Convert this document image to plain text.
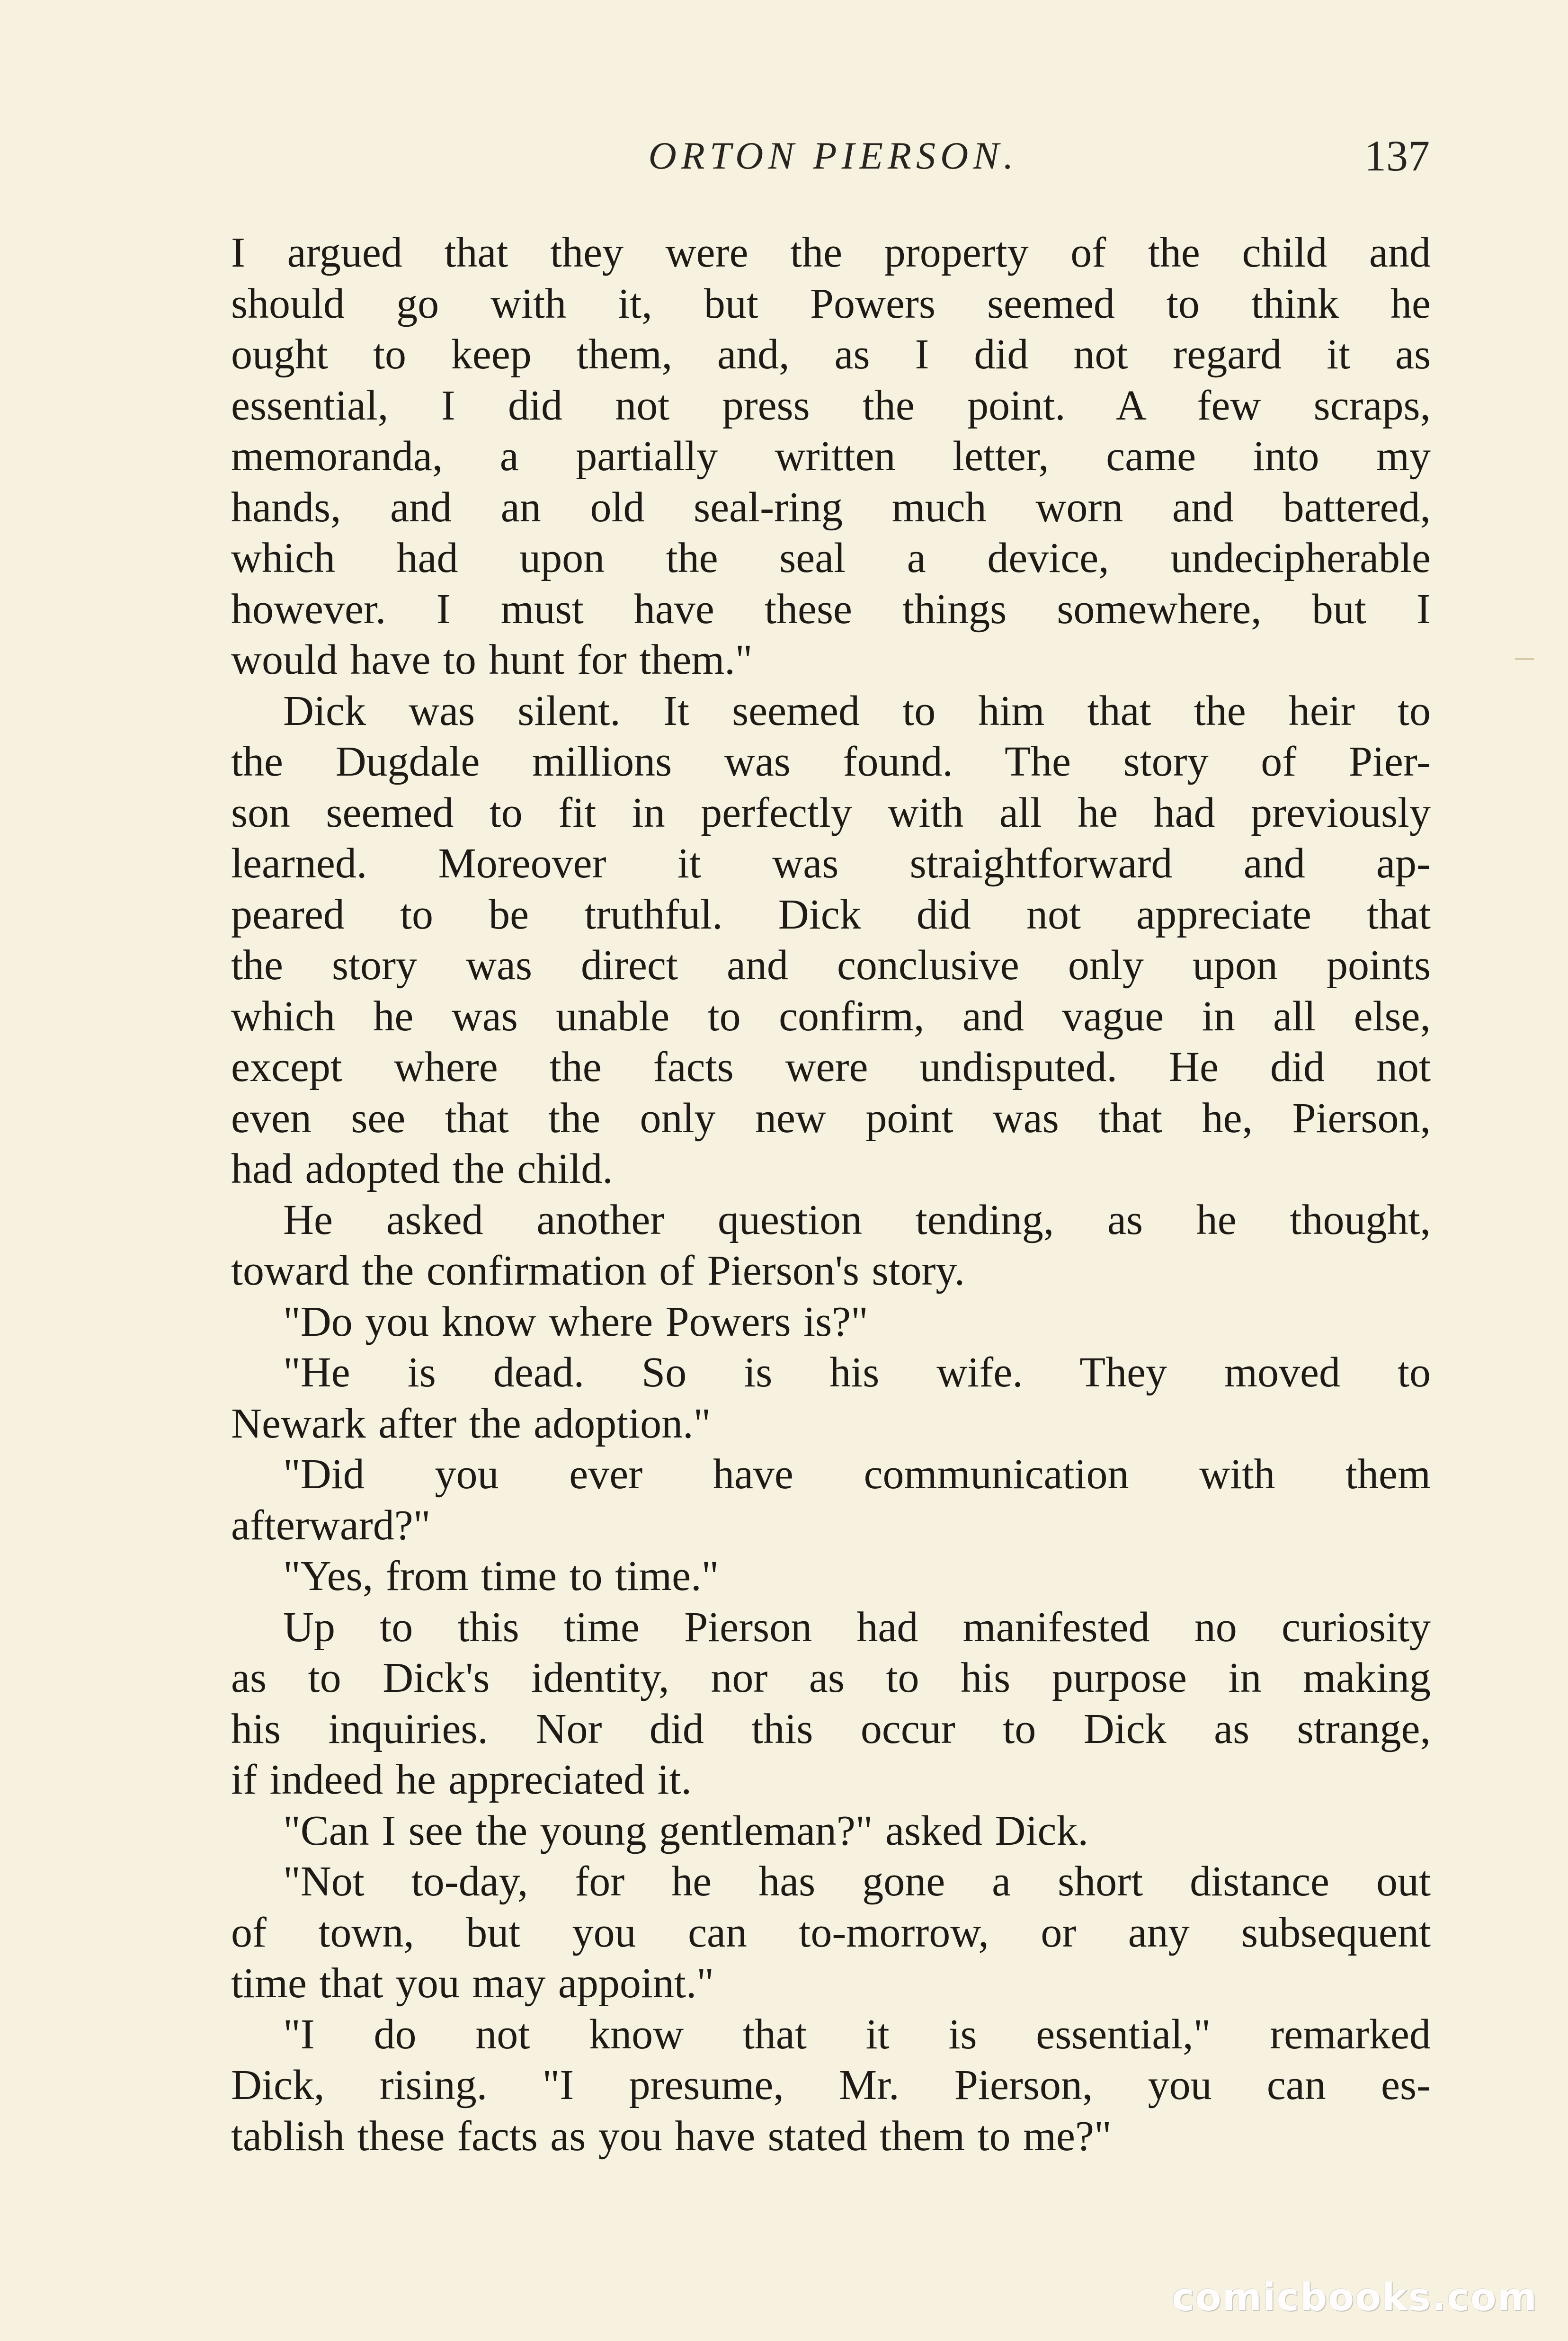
ORTON PIERSON.	137
I argued that they were the property of the child and
should go with it, but Powers seemed to think he
ought to keep them, and, as I did not regard it as
essential, I did not press the point. A few scraps,
memoranda, a partially written letter, came into my
hands, and an old seal-ring much worn and battered,
which had upon the seal a device, undecipherable
however. I must have these things somewhere, but I
would have to hunt for them."
Dick was silent. It seemed to him that the heir to
the Dugdale millions was found. The story of Pier-
son seemed to fit in perfectly with all he had previously
learned. Moreover it was straightforward and ap-
peared to be truthful. Dick did not appreciate that
the story was direct and conclusive only upon points
which he was unable to confirm, and vague in all else,
except where the facts were undisputed. He did not
even see that the only new point was that he, Pierson,
had adopted the child.
He asked another question tending, as he thought,
toward the confirmation of Pierson's story.
"Do you know where Powers is?"
"He is dead. So is his wife. They moved to
Newark after the adoption."
"Did you ever have communication with them
afterward?"
"Yes, from time to time."
Up to this time Pierson had manifested no curiosity
as to Dick's identity, nor as to his purpose in making
his inquiries. Nor did this occur to Dick as strange,
if indeed he appreciated it.
"Can I see the young gentleman?" asked Dick.
"Not to-day, for he has gone a short distance out
of town, but you can to-morrow, or any subsequent
time that you may appoint."
"I do not know that it is essential," remarked
Dick, rising. "I presume, Mr. Pierson, you can es-
tablish these facts as you have stated them to me?"
comicbooks.com
